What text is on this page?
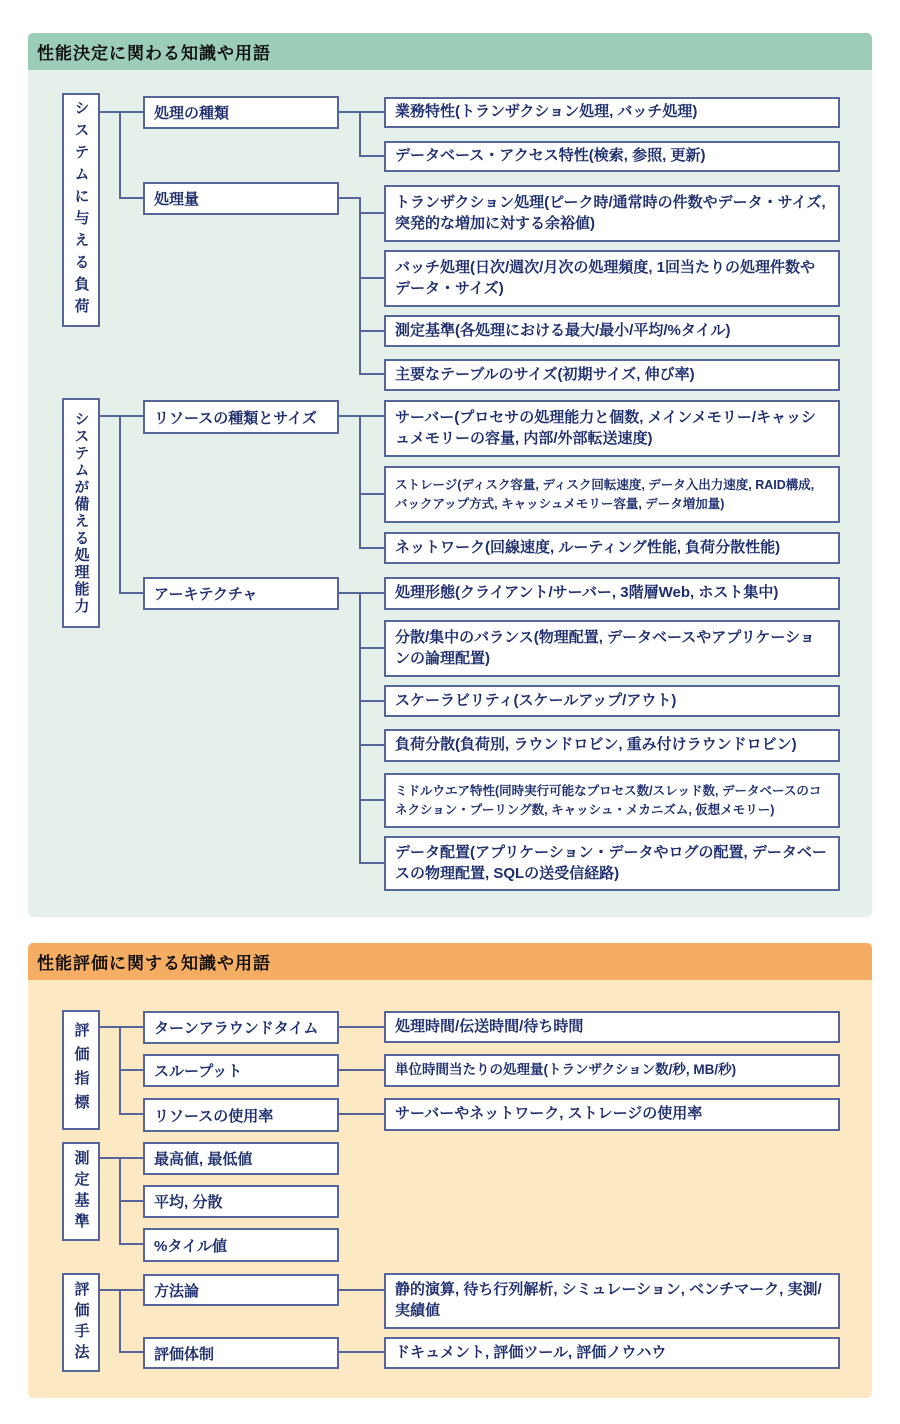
性能決定に関わる知識や用語
システムに与える負荷
システムが備える処理能力
処理の種類
処理量
リソースの種類とサイズ
アーキテクチャ
業務特性(トランザクション処理, バッチ処理)
データベース・アクセス特性(検索, 参照, 更新)
トランザクション処理(ピーク時/通常時の件数やデータ・サイズ, 突発的な増加に対する余裕値)
バッチ処理(日次/週次/月次の処理頻度, 1回当たりの処理件数やデータ・サイズ)
測定基準(各処理における最大/最小/平均/%タイル)
主要なテーブルのサイズ(初期サイズ, 伸び率)
サーバー(プロセサの処理能力と個数, メインメモリー/キャッシュメモリーの容量, 内部/外部転送速度)
ストレージ(ディスク容量, ディスク回転速度, データ入出力速度, RAID構成, バックアップ方式, キャッシュメモリー容量, データ増加量)
ネットワーク(回線速度, ルーティング性能, 負荷分散性能)
処理形態(クライアント/サーバー, 3階層Web, ホスト集中)
分散/集中のバランス(物理配置, データベースやアプリケーションの論理配置)
スケーラビリティ(スケールアップ/アウト)
負荷分散(負荷別, ラウンドロビン, 重み付けラウンドロビン)
ミドルウエア特性(同時実行可能なプロセス数/スレッド数, データベースのコネクション・プーリング数, キャッシュ・メカニズム, 仮想メモリー)
データ配置(アプリケーション・データやログの配置, データベースの物理配置, SQLの送受信経路)
性能評価に関する知識や用語
評価指標
測定基準
評価手法
ターンアラウンドタイム
スループット
リソースの使用率
最高値, 最低値
平均, 分散
%タイル値
方法論
評価体制
処理時間/伝送時間/待ち時間
単位時間当たりの処理量(トランザクション数/秒, MB/秒)
サーバーやネットワーク, ストレージの使用率
静的演算, 待ち行列解析, シミュレーション, ベンチマーク, 実測/実績値
ドキュメント, 評価ツール, 評価ノウハウ
